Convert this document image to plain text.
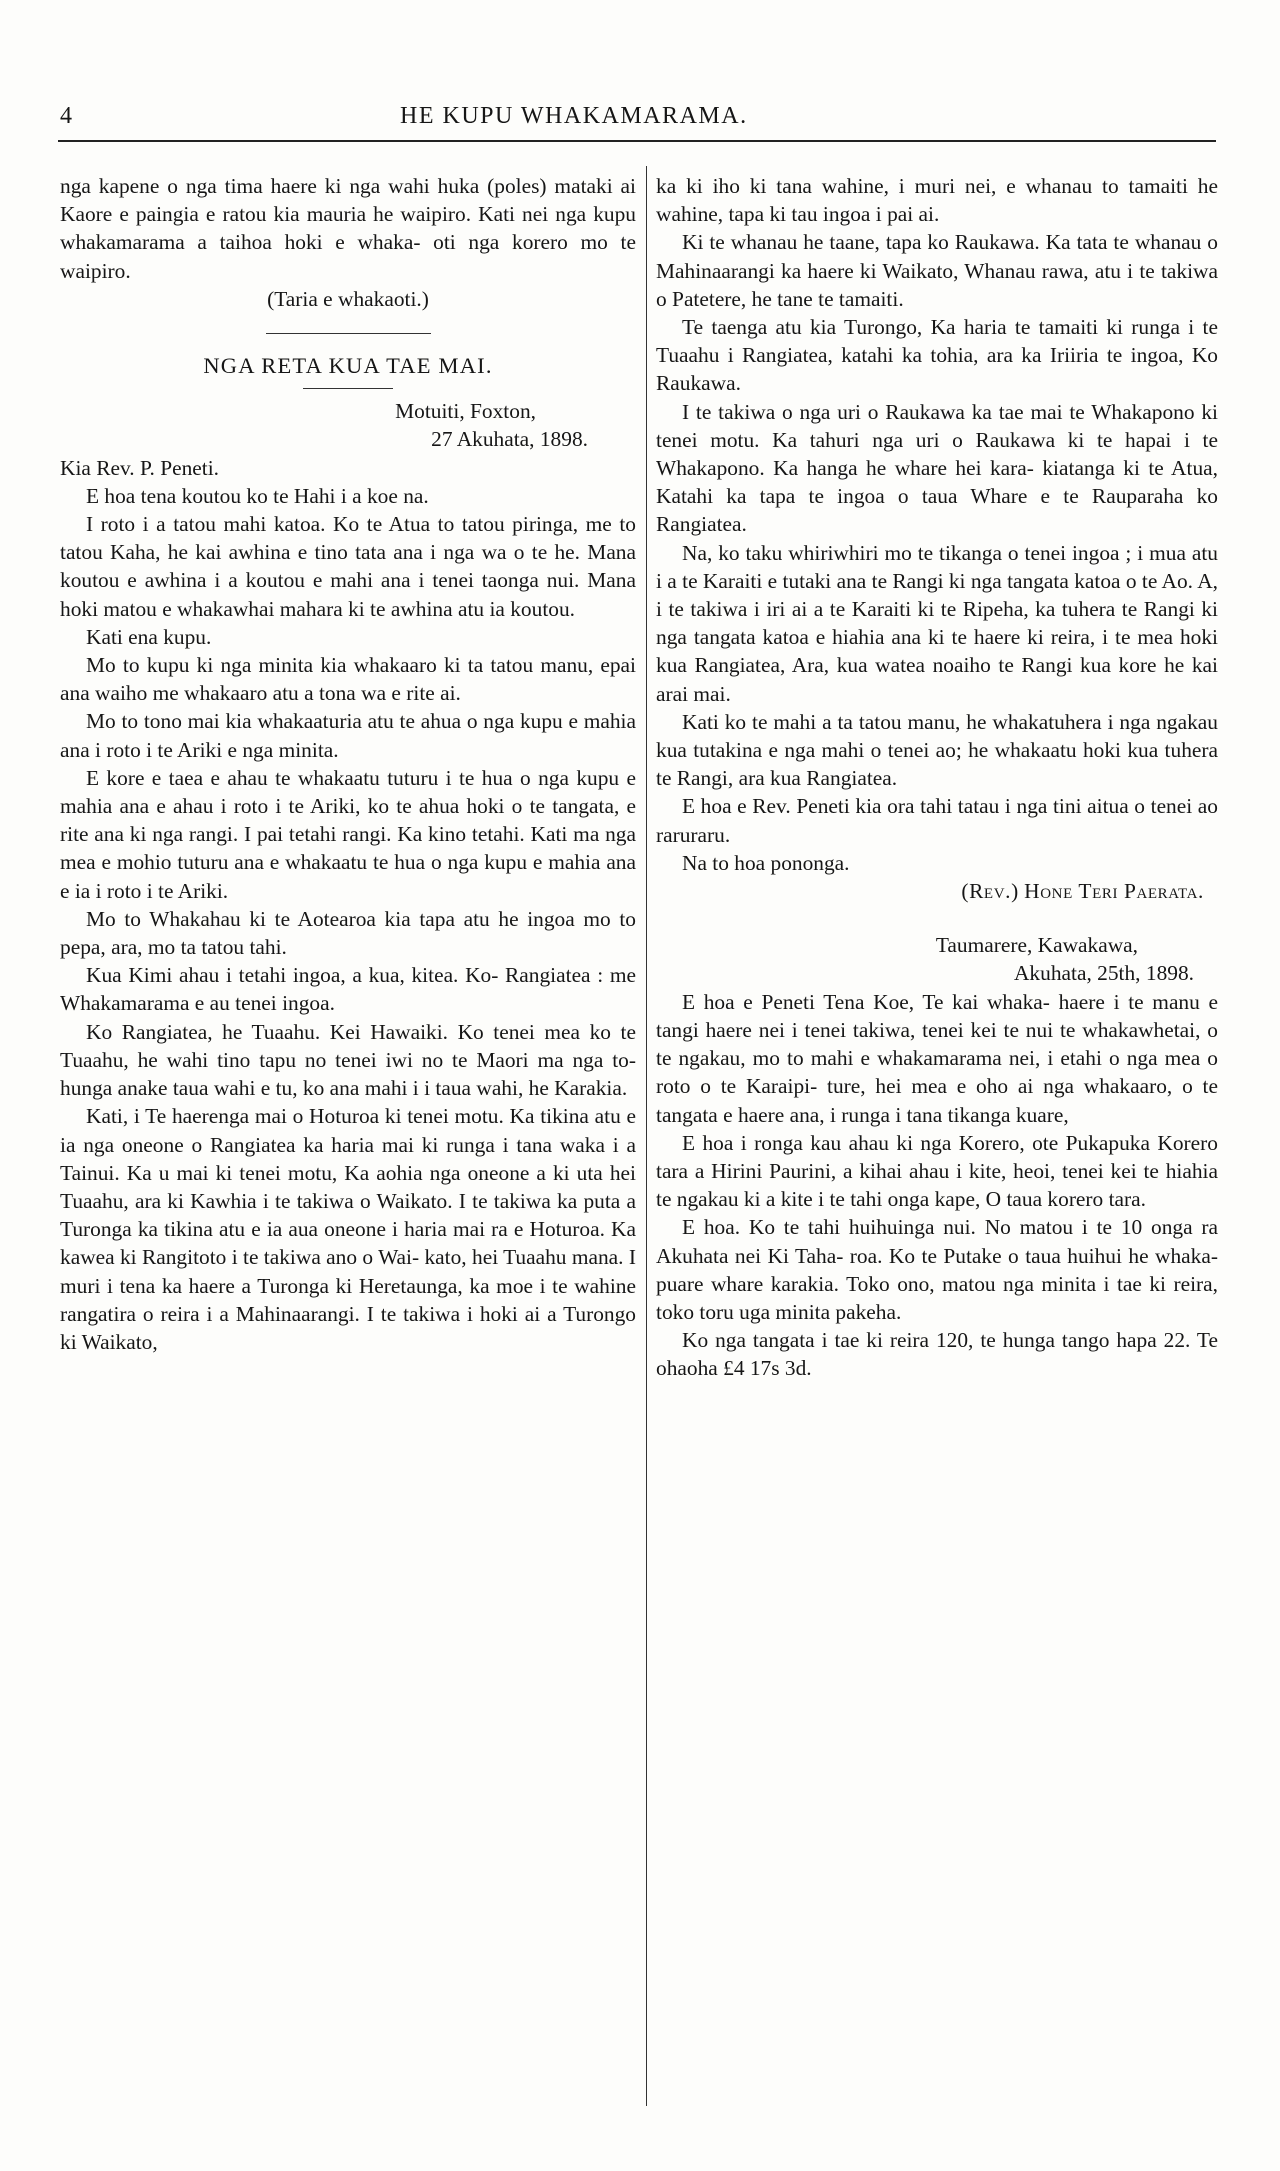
4	HE KUPU WHAKAMARAMA.

nga kapene o nga tima haere ki nga wahi huka (poles) mataki ai Kaore e paingia e ratou kia mauria he waipiro. Kati nei nga kupu whakamarama a taihoa hoki e whaka- oti nga korero mo te waipiro.

(Taria e whakaoti.)

NGA RETA KUA TAE MAI.

Motuiti, Foxton,

27 Akuhata, 1898.

Kia Rev. P. Peneti.

E hoa tena koutou ko te Hahi i a koe na.

I roto i a tatou mahi katoa. Ko te Atua to tatou piringa, me to tatou Kaha, he kai awhina e tino tata ana i nga wa o te he. Mana koutou e awhina i a koutou e mahi ana i tenei taonga nui. Mana hoki matou e whakawhai mahara ki te awhina atu ia koutou.

Kati ena kupu.

Mo to kupu ki nga minita kia whakaaro ki ta tatou manu, epai ana waiho me whakaaro atu a tona wa e rite ai.

Mo to tono mai kia whakaaturia atu te ahua o nga kupu e mahia ana i roto i te Ariki e nga minita.

E kore e taea e ahau te whakaatu tuturu i te hua o nga kupu e mahia ana e ahau i roto i te Ariki, ko te ahua hoki o te tangata, e rite ana ki nga rangi. I pai tetahi rangi. Ka kino tetahi. Kati ma nga mea e mohio tuturu ana e whakaatu te hua o nga kupu e mahia ana e ia i roto i te Ariki.

Mo to Whakahau ki te Aotearoa kia tapa atu he ingoa mo to pepa, ara, mo ta tatou tahi.

Kua Kimi ahau i tetahi ingoa, a kua, kitea. Ko- Rangiatea : me Whakamarama e au tenei ingoa.

Ko Rangiatea, he Tuaahu. Kei Hawaiki. Ko tenei mea ko te Tuaahu, he wahi tino tapu no tenei iwi no te Maori ma nga to- hunga anake taua wahi e tu, ko ana mahi i i taua wahi, he Karakia.

Kati, i Te haerenga mai o Hoturoa ki tenei motu. Ka tikina atu e ia nga oneone o Rangiatea ka haria mai ki runga i tana waka i a Tainui. Ka u mai ki tenei motu, Ka aohia nga oneone a ki uta hei Tuaahu, ara ki Kawhia i te takiwa o Waikato. I te takiwa ka puta a Turonga ka tikina atu e ia aua oneone i haria mai ra e Hoturoa. Ka kawea ki Rangitoto i te takiwa ano o Wai- kato, hei Tuaahu mana. I muri i tena ka haere a Turonga ki Heretaunga, ka moe i te wahine rangatira o reira i a Mahinaarangi. I te takiwa i hoki ai a Turongo ki Waikato,

ka ki iho ki tana wahine, i muri nei, e whanau to tamaiti he wahine, tapa ki tau ingoa i pai ai.

Ki te whanau he taane, tapa ko Raukawa. Ka tata te whanau o Mahinaarangi ka haere ki Waikato, Whanau rawa, atu i te takiwa o Patetere, he tane te tamaiti.

Te taenga atu kia Turongo, Ka haria te tamaiti ki runga i te Tuaahu i Rangiatea, katahi ka tohia, ara ka Iriiria te ingoa, Ko Raukawa.

I te takiwa o nga uri o Raukawa ka tae mai te Whakapono ki tenei motu. Ka tahuri nga uri o Raukawa ki te hapai i te Whakapono. Ka hanga he whare hei kara- kiatanga ki te Atua, Katahi ka tapa te ingoa o taua Whare e te Rauparaha ko Rangiatea.

Na, ko taku whiriwhiri mo te tikanga o tenei ingoa ; i mua atu i a te Karaiti e tutaki ana te Rangi ki nga tangata katoa o te Ao. A, i te takiwa i iri ai a te Karaiti ki te Ripeha, ka tuhera te Rangi ki nga tangata katoa e hiahia ana ki te haere ki reira, i te mea hoki kua Rangiatea, Ara, kua watea noaiho te Rangi kua kore he kai arai mai.

Kati ko te mahi a ta tatou manu, he whakatuhera i nga ngakau kua tutakina e nga mahi o tenei ao; he whakaatu hoki kua tuhera te Rangi, ara kua Rangiatea.

E hoa e Rev. Peneti kia ora tahi tatau i nga tini aitua o tenei ao raruraru.

Na to hoa pononga.

(Rev.) Hone Teri Paerata.

Taumarere, Kawakawa,

Akuhata, 25th, 1898.

E hoa e Peneti Tena Koe, Te kai whaka- haere i te manu e tangi haere nei i tenei takiwa, tenei kei te nui te whakawhetai, o te ngakau, mo to mahi e whakamarama nei, i etahi o nga mea o roto o te Karaipi- ture, hei mea e oho ai nga whakaaro, o te tangata e haere ana, i runga i tana tikanga kuare,

E hoa i ronga kau ahau ki nga Korero, ote Pukapuka Korero tara a Hirini Paurini, a kihai ahau i kite, heoi, tenei kei te hiahia te ngakau ki a kite i te tahi onga kape, O taua korero tara.

E hoa. Ko te tahi huihuinga nui. No matou i te 10 onga ra Akuhata nei Ki Taha- roa. Ko te Putake o taua huihui he whaka- puare whare karakia. Toko ono, matou nga minita i tae ki reira, toko toru uga minita pakeha.

Ko nga tangata i tae ki reira 120, te hunga tango hapa 22. Te ohaoha £4 17s 3d.
